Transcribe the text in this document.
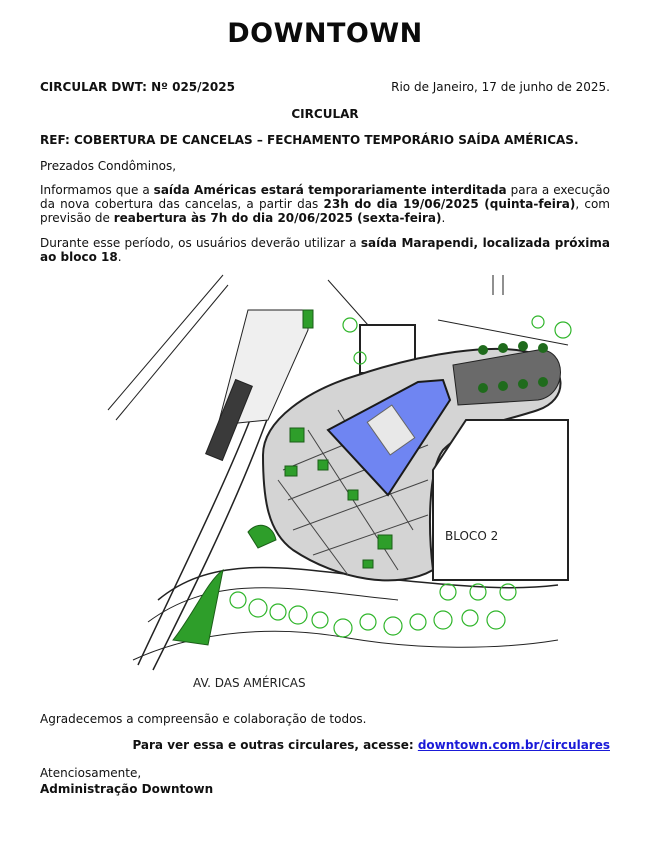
DOWNTOWN
CIRCULAR DWT: Nº 025/2025	Rio de Janeiro, 17 de junho de 2025.
CIRCULAR
REF: COBERTURA DE CANCELAS – FECHAMENTO TEMPORÁRIO SAÍDA AMÉRICAS.
Prezados Condôminos,
Informamos que a saída Américas estará temporariamente interditada para a execução da nova cobertura das cancelas, a partir das 23h do dia 19/06/2025 (quinta-feira), com previsão de reabertura às 7h do dia 20/06/2025 (sexta-feira).
Durante esse período, os usuários deverão utilizar a saída Marapendi, localizada próxima ao bloco 18.
BLOCO 2
AV. DAS AMÉRICAS
Agradecemos a compreensão e colaboração de todos.
Para ver essa e outras circulares, acesse: downtown.com.br/circulares
Atenciosamente,
Administração Downtown
